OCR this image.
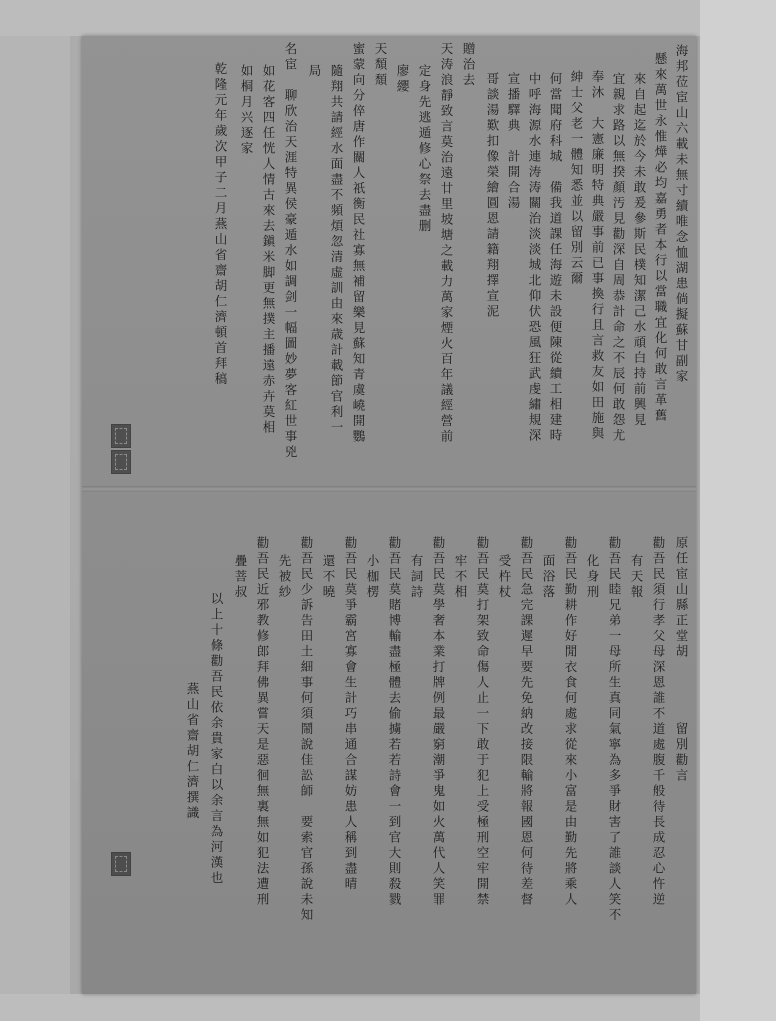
海邦莅宦山六載未無寸續唯念恤湖患倘擬蘇甘副家
懸來萬世永惟燁必均嘉勇者本行以當職宜化何敢言革舊
來自起迄於今未敢爰參斯民樸知潔己水頑白持前興見
宜親求路以無揆顏汚見勸深自周恭計命之不辰何敢怨尤
奉沐　大憲廉明特典嚴事前已事換行且言救友如田施與
紳士父老一體知悉並以留別云爾
何當聞府科城　備我道課任海遊未設便陳從續工相建時
中呼海源水連涛涛關治淡淡城北仰伏恐風狂武虔繡規深
宣播驛典　計開合湯
哥談湯歎扣像榮繪圓恩請籍翔擇宣泥
贈治去
天涛浪靜致言莫治遠廿里坡塘之載力萬家煙火百年議經營前
定身先逃遁修心祭去盡删
廖纓
天頽頹
蜜蒙向分倅唐作關人祇衡民社寡無補留樂見蘇知青虞嶢開鸚
隨翔共請經水面盡不頻煩忽清虛訓由來歳計載節官利一
局
名宦　聊欣治天涯特異侯豪遁水如調剑一幅圖妙夢客紅世事兇
如花客四任恍人情古來去鎭米脚更無撲主播遠赤卉莫相
如桐月兴逐家
乾隆元年歲次甲子二月燕山省齋胡仁濟頓首拜稿
原任宦山縣正堂胡　　　　留別勸言
勸吾民須行孝父母深恩誰不道處腹千般待長成忍心忤逆
有天報
勸吾民睦兄弟一母所生真同氣寧為多爭財害了誰談人笑不
化身刑
勸吾民勤耕作好閒衣食何處求從來小富是由勤先將乘人
面浴落
勸吾民急完課遲早要先免納改接限輸將報國恩何待差督
受杵杖
勸吾民莫打架致命傷人止一下敢于犯上受極刑空牢開禁
牢不相
勸吾民莫學奢本業打牌例最嚴窮潮爭鬼如火萬代人笑罪
有詞詩
勸吾民莫賭博輸盡極體去偷擄若若詩會一到官大則殺戮
小枷楞
勸吾民莫爭霸宮寡會生計巧串通合謀妨患人稱到盡晴
還不曉
勸吾民少訴告田土細事何須鬧說佳訟師　要索官孫說未知
先被紗
勸吾民近邪教修郎拜佛異嘗天是惡徊無裏無如犯法遭刑
疊菩叔
以上十條勸吾民依余貴家白以余言為河漢也
燕山省齋胡仁濟撰識
